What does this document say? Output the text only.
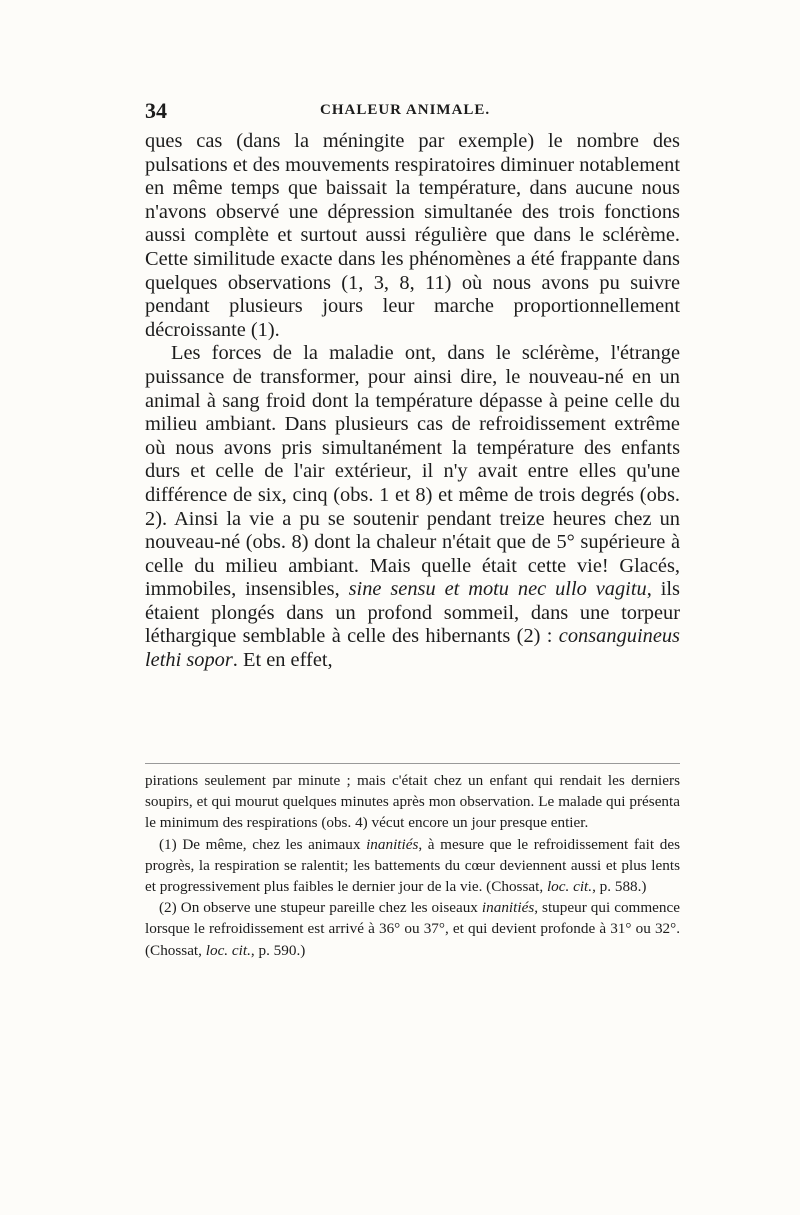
34	CHALEUR ANIMALE.

ques cas (dans la méningite par exemple) le nombre des pulsations et des mouvements respiratoires diminuer notablement en même temps que baissait la température, dans aucune nous n'avons observé une dépression simultanée des trois fonctions aussi complète et surtout aussi régulière que dans le sclérème. Cette similitude exacte dans les phénomènes a été frappante dans quelques observations (1, 3, 8, 11) où nous avons pu suivre pendant plusieurs jours leur marche proportionnellement décroissante (1).

Les forces de la maladie ont, dans le sclérème, l'étrange puissance de transformer, pour ainsi dire, le nouveau-né en un animal à sang froid dont la température dépasse à peine celle du milieu ambiant. Dans plusieurs cas de refroidissement extrême où nous avons pris simultanément la température des enfants durs et celle de l'air extérieur, il n'y avait entre elles qu'une différence de six, cinq (obs. 1 et 8) et même de trois degrés (obs. 2). Ainsi la vie a pu se soutenir pendant treize heures chez un nouveau-né (obs. 8) dont la chaleur n'était que de 5° supérieure à celle du milieu ambiant. Mais quelle était cette vie! Glacés, immobiles, insensibles, sine sensu et motu nec ullo vagitu, ils étaient plongés dans un profond sommeil, dans une torpeur léthargique semblable à celle des hibernants (2) : consanguineus lethi sopor. Et en effet,

pirations seulement par minute ; mais c'était chez un enfant qui rendait les derniers soupirs, et qui mourut quelques minutes après mon observation. Le malade qui présenta le minimum des respirations (obs. 4) vécut encore un jour presque entier.

(1) De même, chez les animaux inanitiés, à mesure que le refroidissement fait des progrès, la respiration se ralentit; les battements du cœur deviennent aussi et plus lents et progressivement plus faibles le dernier jour de la vie. (Chossat, loc. cit., p. 588.)

(2) On observe une stupeur pareille chez les oiseaux inanitiés, stupeur qui commence lorsque le refroidissement est arrivé à 36° ou 37°, et qui devient profonde à 31° ou 32°. (Chossat, loc. cit., p. 590.)
